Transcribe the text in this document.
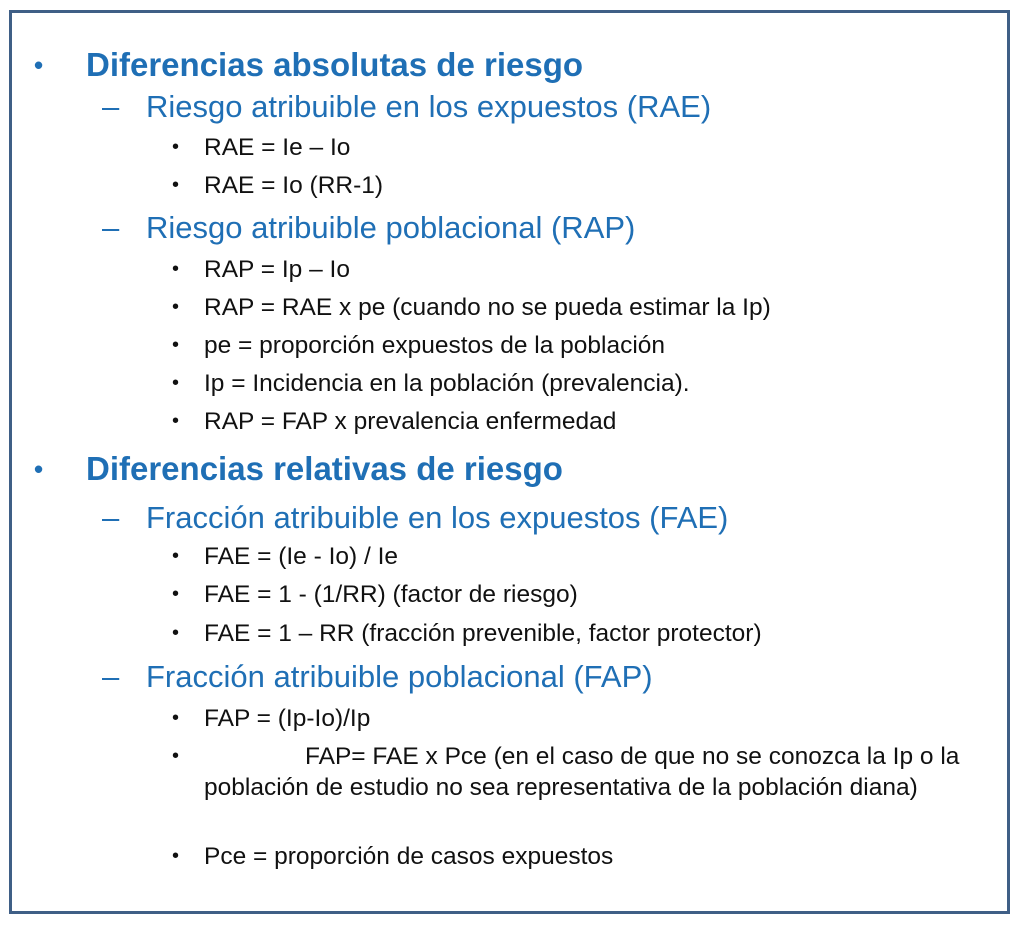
• Diferencias absolutas de riesgo
– Riesgo atribuible en los expuestos (RAE)
• RAE = Ie – Io
• RAE = Io (RR-1)
– Riesgo atribuible poblacional (RAP)
• RAP = Ip – Io
• RAP = RAE x pe (cuando no se pueda estimar la Ip)
• pe = proporción expuestos de la población
• Ip = Incidencia en la población (prevalencia).
• RAP = FAP x prevalencia enfermedad
• Diferencias relativas de riesgo
– Fracción atribuible en los expuestos (FAE)
• FAE = (Ie - Io) / Ie
• FAE = 1 - (1/RR) (factor de riesgo)
• FAE = 1 – RR (fracción prevenible, factor protector)
– Fracción atribuible poblacional (FAP)
• FAP = (Ip-Io)/Ip
•	FAP= FAE x Pce (en el caso de que no se conozca la Ip o la población de estudio no sea representativa de la población diana)
• Pce = proporción de casos expuestos
